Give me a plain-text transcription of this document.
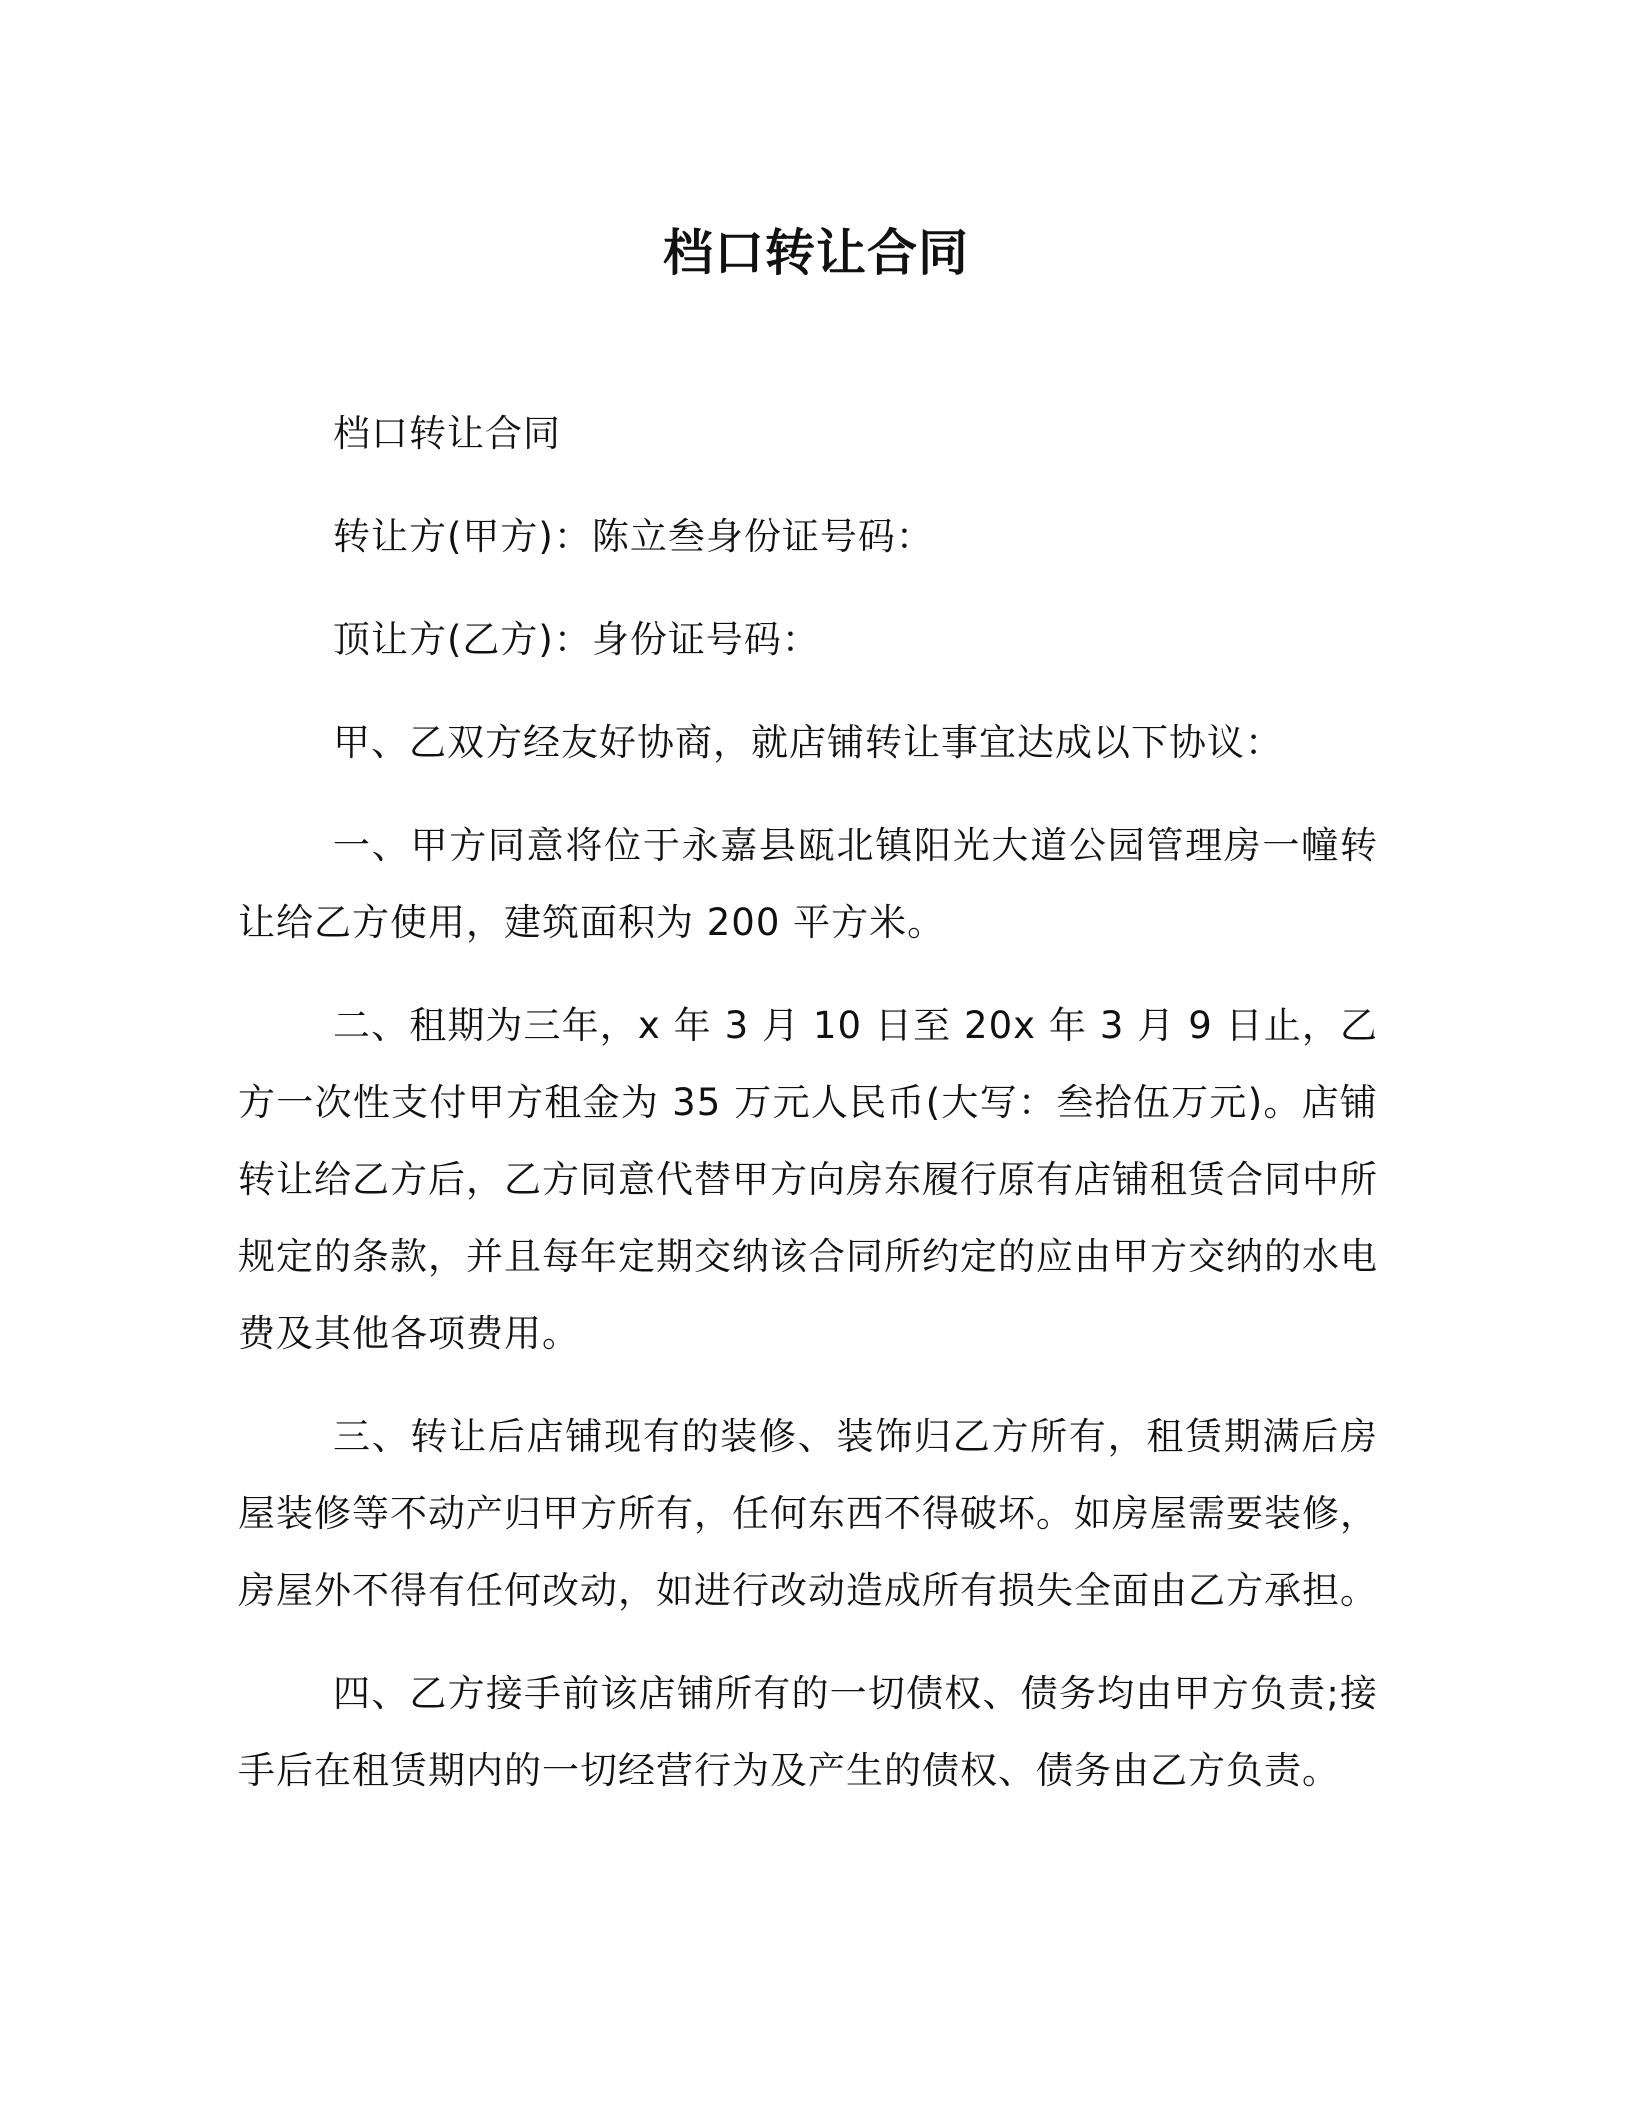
档口转让合同

档口转让合同

转让方(甲方)：陈立叁身份证号码：

顶让方(乙方)：身份证号码：

甲、乙双方经友好协商，就店铺转让事宜达成以下协议：

一、甲方同意将位于永嘉县瓯北镇阳光大道公园管理房一幢转让给乙方使用，建筑面积为 200 平方米。

二、租期为三年，x 年 3 月 10 日至 20x 年 3 月 9 日止，乙方一次性支付甲方租金为 35 万元人民币(大写：叁拾伍万元)。店铺转让给乙方后，乙方同意代替甲方向房东履行原有店铺租赁合同中所规定的条款，并且每年定期交纳该合同所约定的应由甲方交纳的水电费及其他各项费用。

三、转让后店铺现有的装修、装饰归乙方所有，租赁期满后房屋装修等不动产归甲方所有，任何东西不得破坏。如房屋需要装修，房屋外不得有任何改动，如进行改动造成所有损失全面由乙方承担。

四、乙方接手前该店铺所有的一切债权、债务均由甲方负责;接手后在租赁期内的一切经营行为及产生的债权、债务由乙方负责。
